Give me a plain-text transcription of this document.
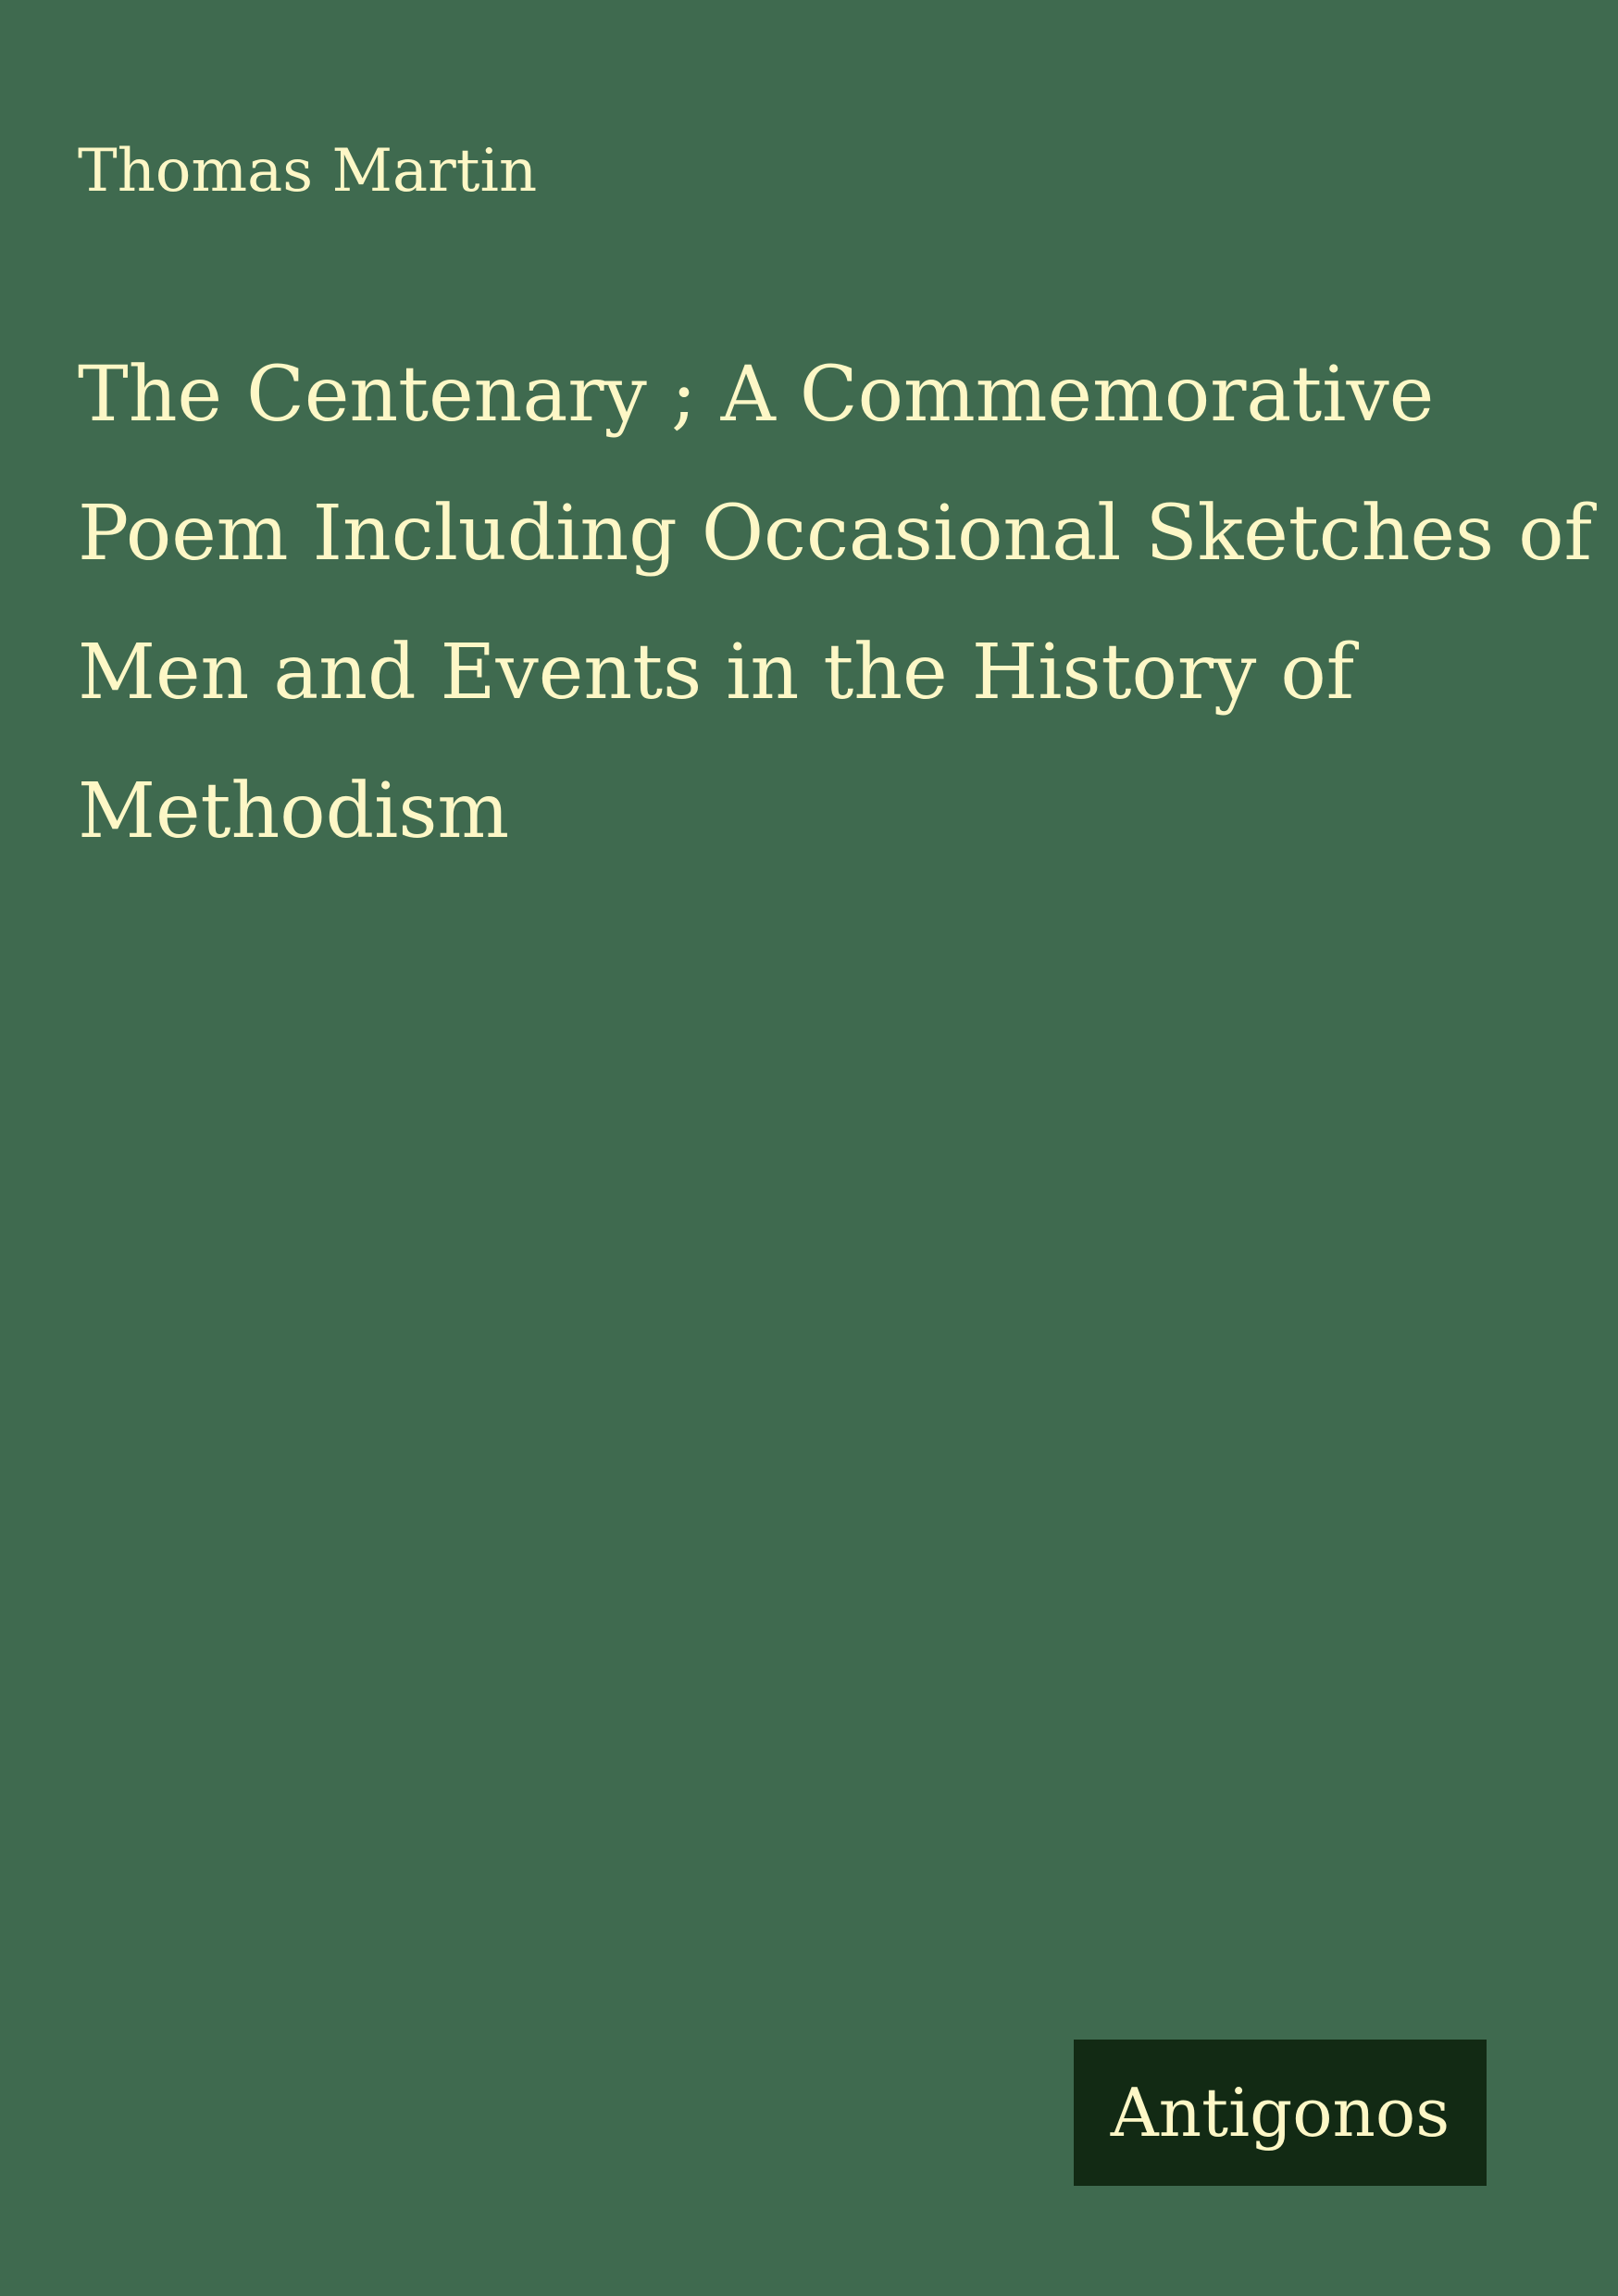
Thomas Martin
The Centenary ; A Commemorative
Poem Including Occasional Sketches of
Men and Events in the History of
Methodism
Antigonos
